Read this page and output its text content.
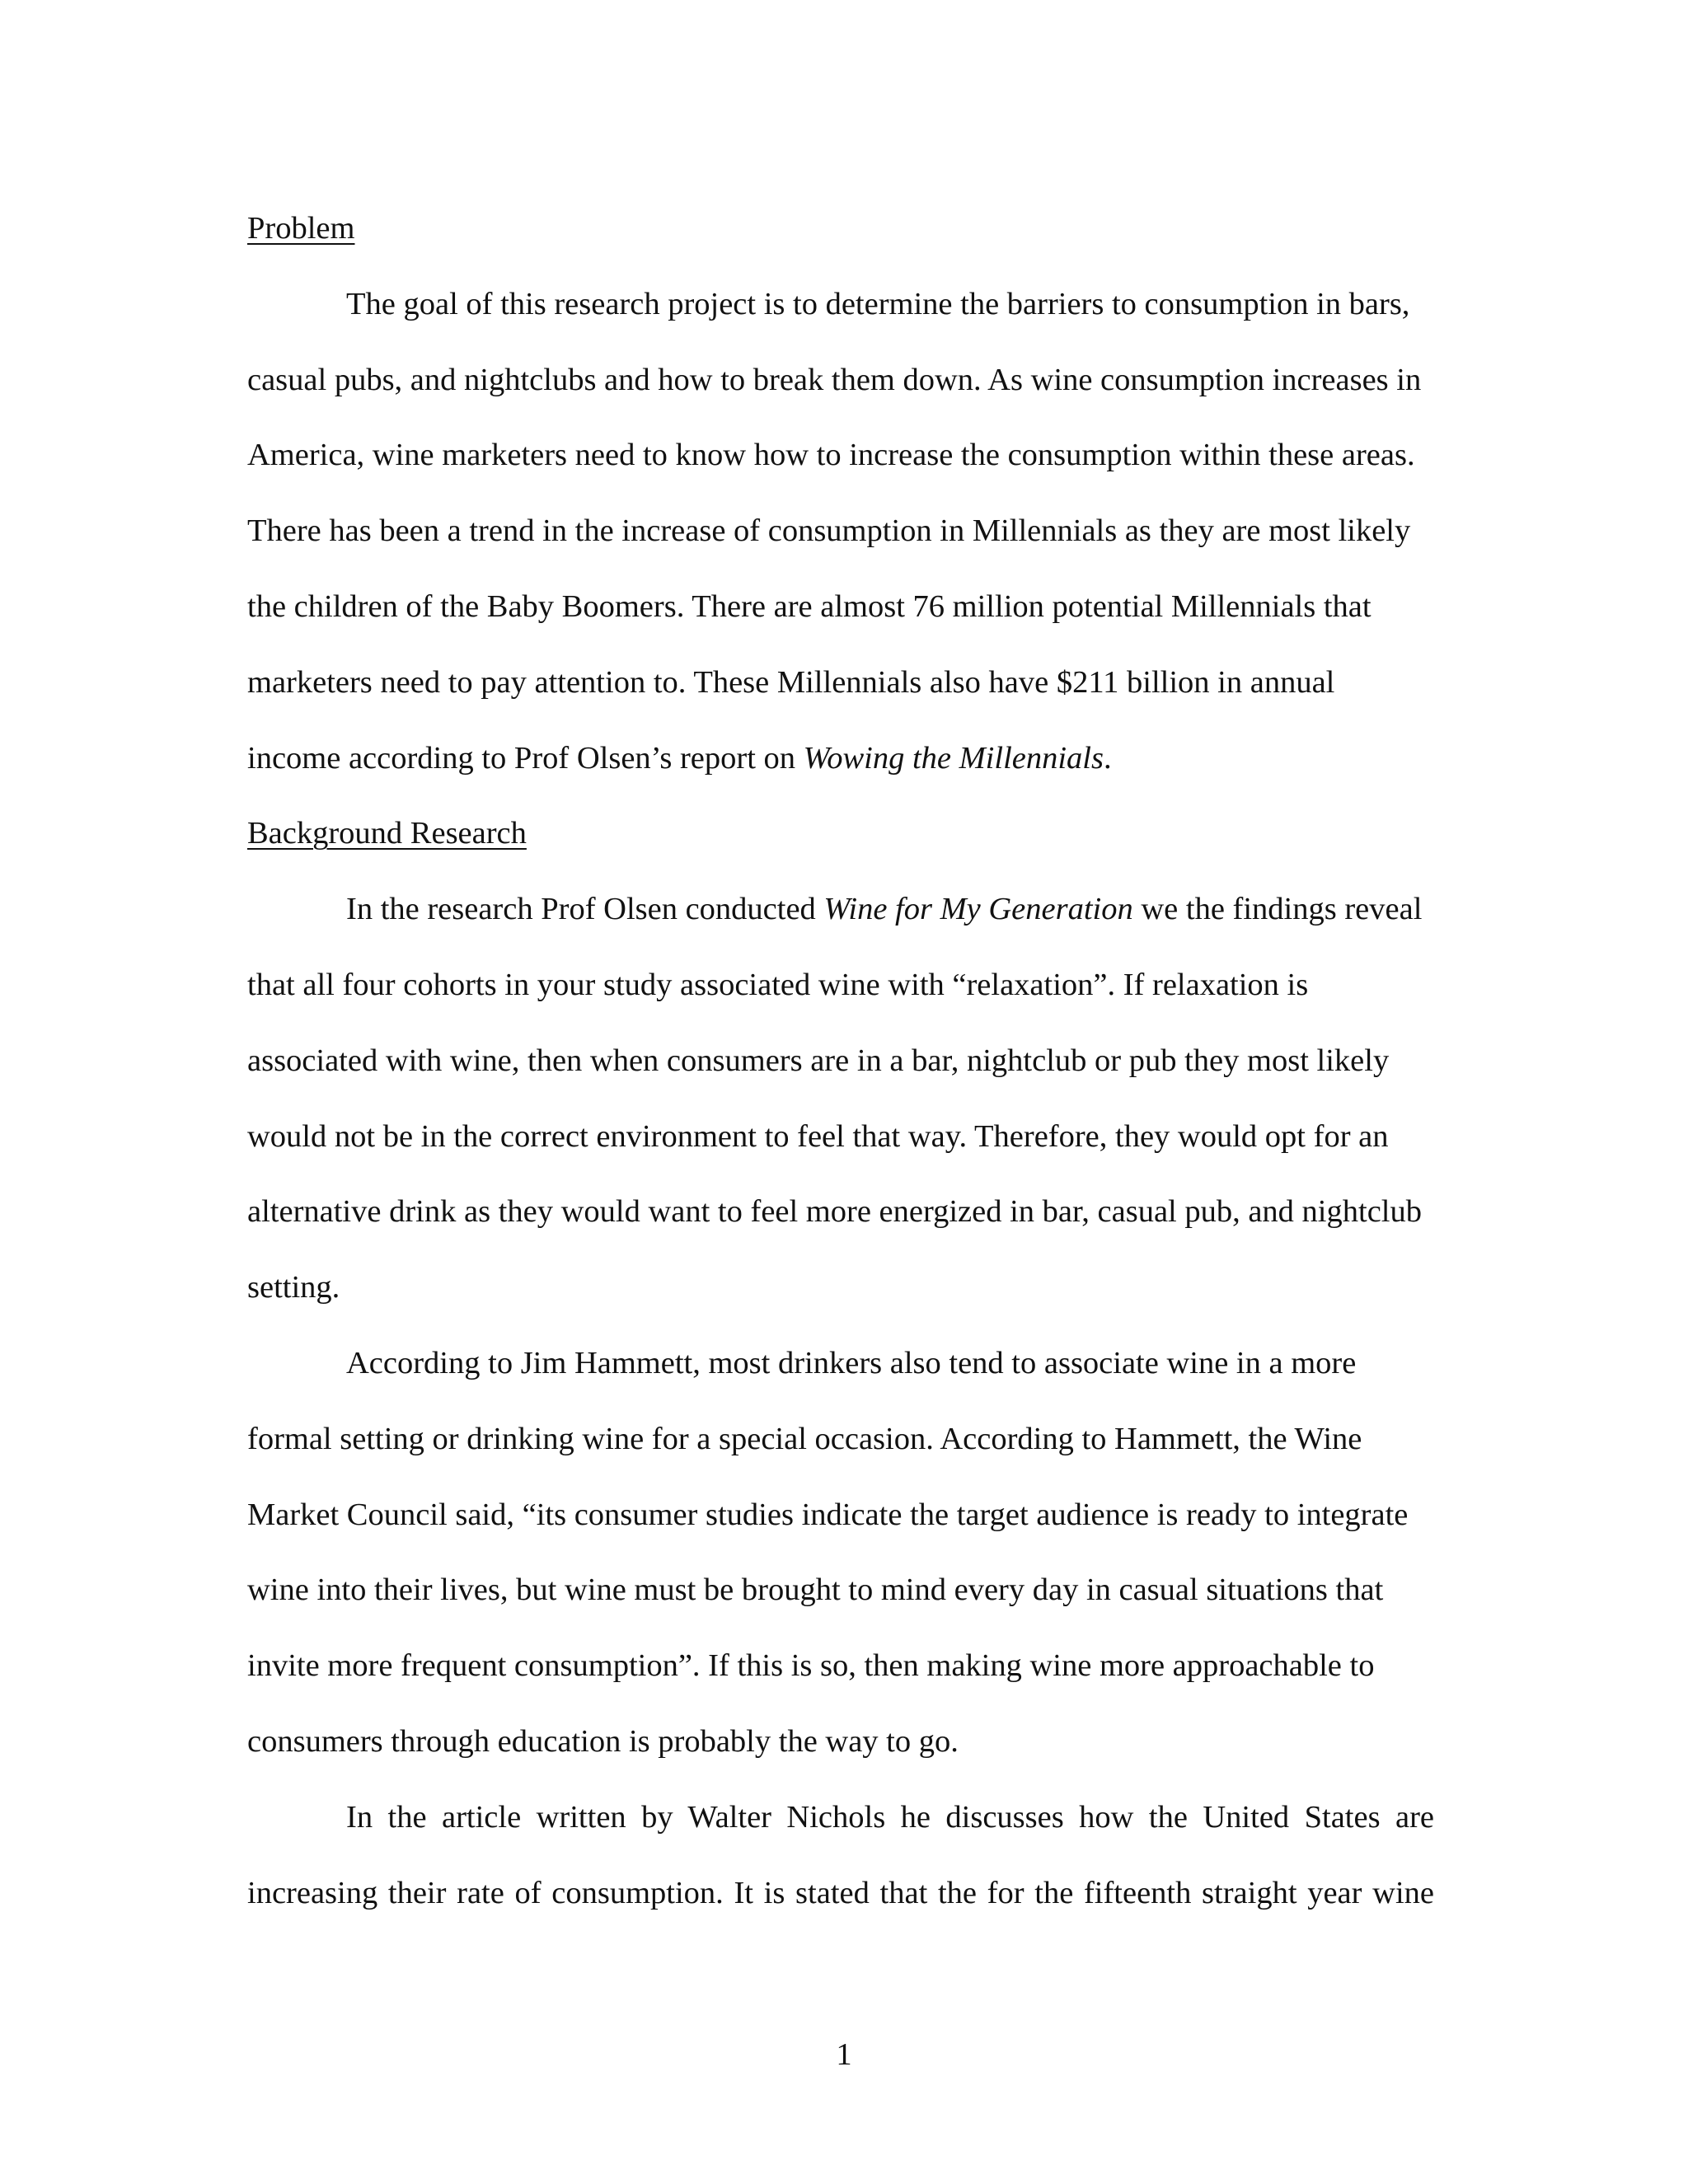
Problem

The goal of this research project is to determine the barriers to consumption in bars, casual pubs, and nightclubs and how to break them down. As wine consumption increases in America, wine marketers need to know how to increase the consumption within these areas. There has been a trend in the increase of consumption in Millennials as they are most likely the children of the Baby Boomers. There are almost 76 million potential Millennials that marketers need to pay attention to. These Millennials also have $211 billion in annual income according to Prof Olsen’s report on Wowing the Millennials.

Background Research

In the research Prof Olsen conducted Wine for My Generation we the findings reveal that all four cohorts in your study associated wine with “relaxation”. If relaxation is associated with wine, then when consumers are in a bar, nightclub or pub they most likely would not be in the correct environment to feel that way. Therefore, they would opt for an alternative drink as they would want to feel more energized in bar, casual pub, and nightclub setting.

According to Jim Hammett, most drinkers also tend to associate wine in a more formal setting or drinking wine for a special occasion. According to Hammett, the Wine Market Council said, “its consumer studies indicate the target audience is ready to integrate wine into their lives, but wine must be brought to mind every day in casual situations that invite more frequent consumption”. If this is so, then making wine more approachable to consumers through education is probably the way to go.

In the article written by Walter Nichols he discusses how the United States are increasing their rate of consumption. It is stated that the for the fifteenth straight year wine

1
